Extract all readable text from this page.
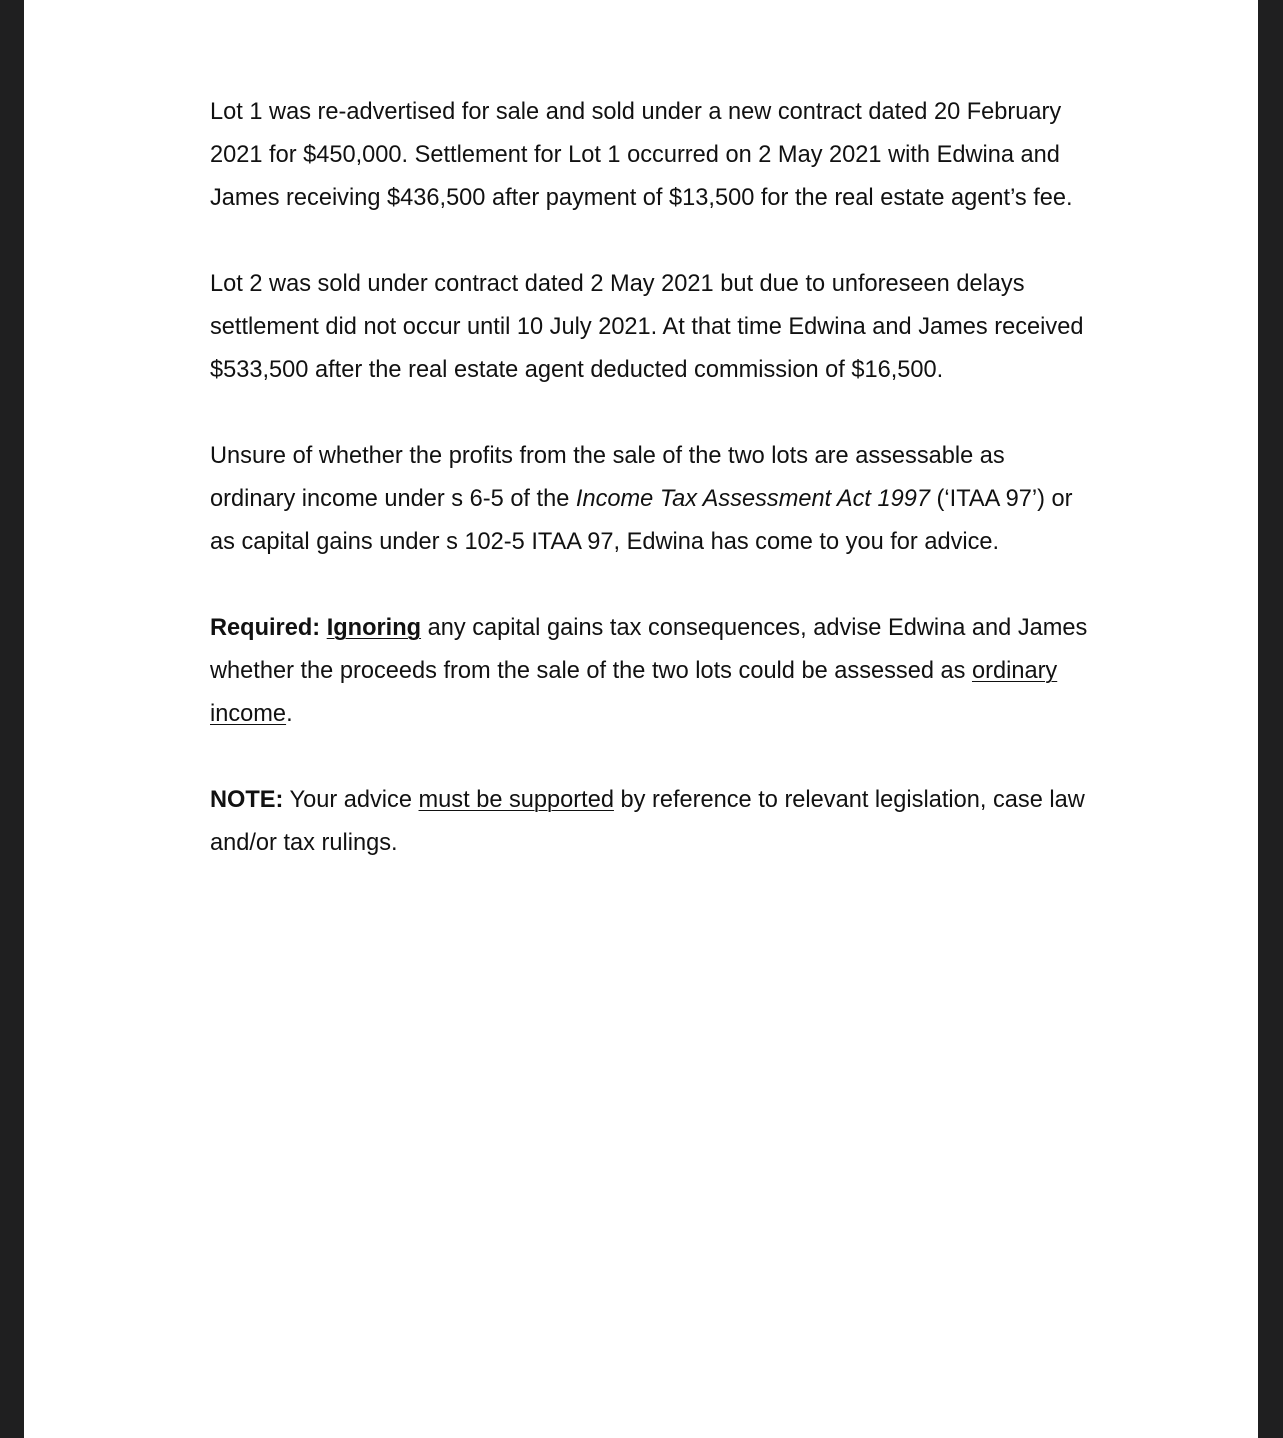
Lot 1 was re-advertised for sale and sold under a new contract dated 20 February 2021 for $450,000. Settlement for Lot 1 occurred on 2 May 2021 with Edwina and James receiving $436,500 after payment of $13,500 for the real estate agent’s fee.

Lot 2 was sold under contract dated 2 May 2021 but due to unforeseen delays settlement did not occur until 10 July 2021. At that time Edwina and James received $533,500 after the real estate agent deducted commission of $16,500.

Unsure of whether the profits from the sale of the two lots are assessable as ordinary income under s 6-5 of the Income Tax Assessment Act 1997 (‘ITAA 97’) or as capital gains under s 102-5 ITAA 97, Edwina has come to you for advice.

Required: Ignoring any capital gains tax consequences, advise Edwina and James whether the proceeds from the sale of the two lots could be assessed as ordinary income.

NOTE: Your advice must be supported by reference to relevant legislation, case law and/or tax rulings.
